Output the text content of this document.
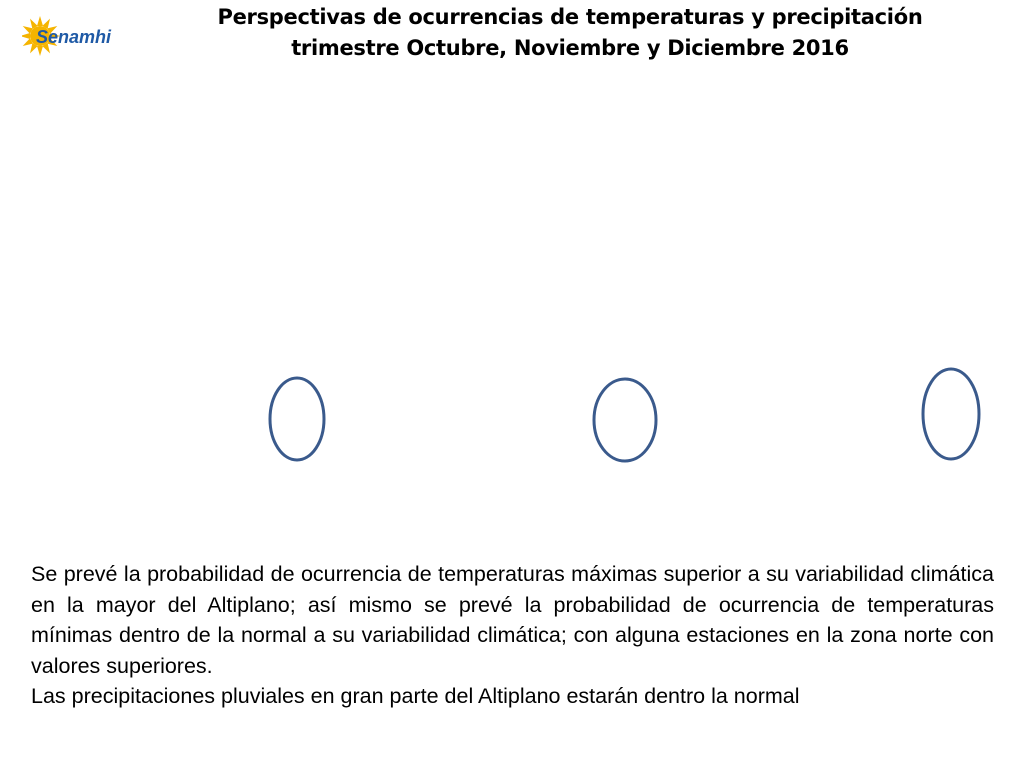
Senamhi
Perspectivas de ocurrencias de temperaturas y precipitación
trimestre Octubre, Noviembre y Diciembre 2016

Se prevé la probabilidad de ocurrencia de temperaturas máximas superior a su variabilidad climática en la mayor del Altiplano; así mismo se prevé la probabilidad de ocurrencia de temperaturas mínimas dentro de la normal a su variabilidad climática; con alguna estaciones en la zona norte con valores superiores.

Las precipitaciones pluviales en gran parte del Altiplano estarán dentro la normal
